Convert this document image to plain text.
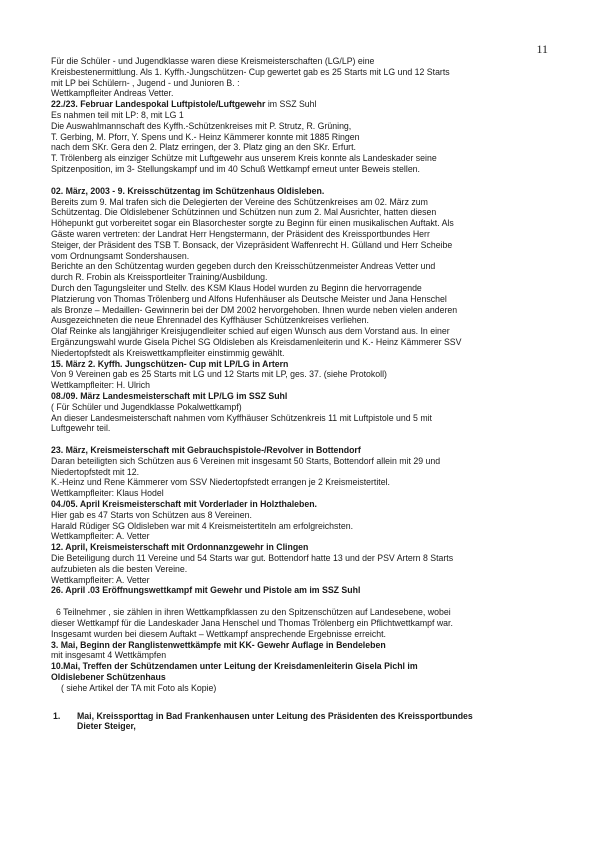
11
Für die Schüler - und Jugendklasse waren diese Kreismeisterschaften (LG/LP) eine
Kreisbestenermittlung. Als 1. Kyffh.-Jungschützen- Cup gewertet gab es 25 Starts mit LG und 12 Starts
mit LP bei Schülern- , Jugend - und Junioren B. :
Wettkampfleiter Andreas Vetter.
22./23. Februar Landespokal Luftpistole/Luftgewehr im SSZ Suhl
Es nahmen teil mit LP: 8, mit LG 1
Die Auswahlmannschaft des Kyffh.-Schützenkreises mit P. Strutz, R. Grüning,
T. Gerbing, M. Pforr, Y. Spens und K.- Heinz Kämmerer konnte mit 1885 Ringen
nach dem SKr. Gera den 2. Platz erringen, der 3. Platz ging an den SKr. Erfurt.
T. Trölenberg als einziger Schütze mit Luftgewehr aus unserem Kreis konnte als Landeskader seine
Spitzenposition, im 3- Stellungskampf und im 40 Schuß Wettkampf erneut unter Beweis stellen.
02. März, 2003 - 9. Kreisschützentag im Schützenhaus Oldisleben.
Bereits zum 9. Mal trafen sich die Delegierten der Vereine des Schützenkreises am 02. März zum
Schützentag. Die Oldislebener Schützinnen und Schützen nun zum 2. Mal Ausrichter, hatten diesen
Höhepunkt gut vorbereitet sogar ein Blasorchester sorgte zu Beginn für einen musikalischen Auftakt. Als
Gäste waren vertreten: der Landrat Herr Hengstermann, der Präsident des Kreissportbundes Herr
Steiger, der Präsident des TSB T. Bonsack, der Vizepräsident Waffenrecht H. Gülland und Herr Scheibe
vom Ordnungsamt Sondershausen.
Berichte an den Schützentag wurden gegeben durch den Kreisschützenmeister Andreas Vetter und
durch R. Frobin als Kreissportleiter Training/Ausbildung.
Durch den Tagungsleiter und Stellv. des KSM Klaus Hodel wurden zu Beginn die hervorragende
Platzierung von Thomas Trölenberg und Alfons Hufenhäuser als Deutsche Meister und Jana Henschel
als Bronze – Medaillen- Gewinnerin bei der DM 2002 hervorgehoben. Ihnen wurde neben vielen anderen
Ausgezeichneten die neue Ehrennadel des Kyffhäuser Schützenkreises verliehen.
Olaf Reinke als langjähriger Kreisjugendleiter schied auf eigen Wunsch aus dem Vorstand aus. In einer
Ergänzungswahl wurde Gisela Pichel SG Oldisleben als Kreisdamenleiterin und K.- Heinz Kämmerer SSV
Niedertopfstedt als Kreiswettkampfleiter einstimmig gewählt.
15. März 2. Kyffh. Jungschützen- Cup mit LP/LG in Artern
Von 9 Vereinen gab es 25 Starts mit LG und 12 Starts mit LP, ges. 37. (siehe Protokoll)
Wettkampfleiter: H. Ulrich
08./09. März Landesmeisterschaft mit LP/LG im SSZ Suhl
( Für Schüler und Jugendklasse Pokalwettkampf)
An dieser Landesmeisterschaft nahmen vom Kyffhäuser Schützenkreis 11 mit Luftpistole und 5 mit
Luftgewehr teil.
23. März, Kreismeisterschaft mit Gebrauchspistole-/Revolver in Bottendorf
Daran beteiligten sich Schützen aus 6 Vereinen mit insgesamt 50 Starts, Bottendorf allein mit 29 und
Niedertopfstedt mit 12.
K.-Heinz und Rene Kämmerer vom SSV Niedertopfstedt errangen je 2 Kreismeistertitel.
Wettkampfleiter: Klaus Hodel
04./05. April Kreismeisterschaft mit Vorderlader in Holzthaleben.
Hier gab es 47 Starts von Schützen aus 8 Vereinen.
Harald Rüdiger SG Oldisleben war mit 4 Kreismeistertiteln am erfolgreichsten.
Wettkampfleiter: A. Vetter
12. April, Kreismeisterschaft mit Ordonnanzgewehr in Clingen
Die Beteiligung durch 11 Vereine und 54 Starts war gut. Bottendorf hatte 13 und der PSV Artern 8 Starts
aufzubieten als die besten Vereine.
Wettkampfleiter: A. Vetter
26. April .03 Eröffnungswettkampf mit Gewehr und Pistole am im SSZ Suhl
6 Teilnehmer , sie zählen in ihren Wettkampfklassen zu den Spitzenschützen auf Landesebene, wobei
dieser Wettkampf für die Landeskader Jana Henschel und Thomas Trölenberg ein Pflichtwettkampf war.
Insgesamt wurden bei diesem Auftakt – Wettkampf ansprechende Ergebnisse erreicht.
3. Mai, Beginn der Ranglistenwettkämpfe mit KK- Gewehr Auflage in Bendeleben
mit insgesamt 4 Wettkämpfen
10.Mai, Treffen der Schützendamen unter Leitung der Kreisdamenleiterin Gisela Pichl im
Oldislebener Schützenhaus
( siehe Artikel der TA mit Foto als Kopie)
1.	Mai, Kreissporttag in Bad Frankenhausen unter Leitung des Präsidenten des Kreissportbundes
Dieter Steiger,
